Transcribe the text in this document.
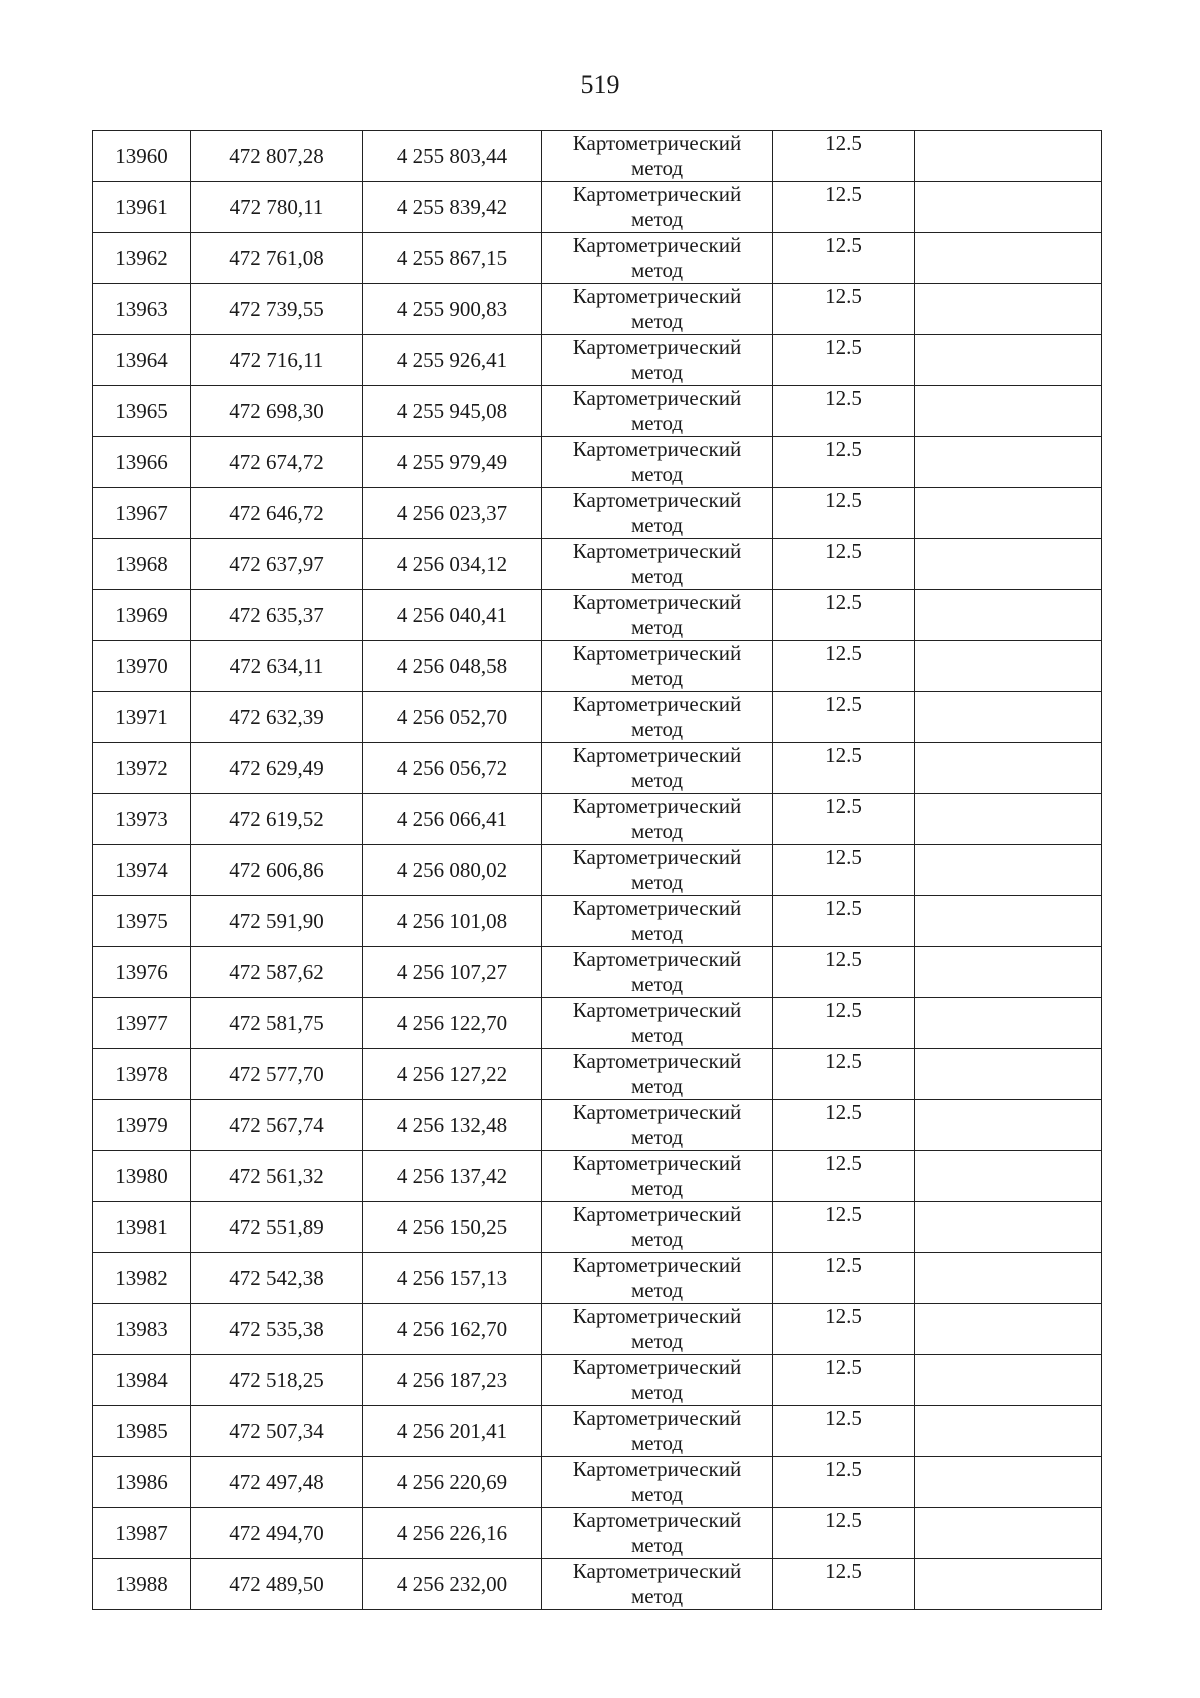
519
13960	472 807,28	4 255 803,44	Картометрический
метод	12.5	
13961	472 780,11	4 255 839,42	Картометрический
метод	12.5	
13962	472 761,08	4 255 867,15	Картометрический
метод	12.5	
13963	472 739,55	4 255 900,83	Картометрический
метод	12.5	
13964	472 716,11	4 255 926,41	Картометрический
метод	12.5	
13965	472 698,30	4 255 945,08	Картометрический
метод	12.5	
13966	472 674,72	4 255 979,49	Картометрический
метод	12.5	
13967	472 646,72	4 256 023,37	Картометрический
метод	12.5	
13968	472 637,97	4 256 034,12	Картометрический
метод	12.5	
13969	472 635,37	4 256 040,41	Картометрический
метод	12.5	
13970	472 634,11	4 256 048,58	Картометрический
метод	12.5	
13971	472 632,39	4 256 052,70	Картометрический
метод	12.5	
13972	472 629,49	4 256 056,72	Картометрический
метод	12.5	
13973	472 619,52	4 256 066,41	Картометрический
метод	12.5	
13974	472 606,86	4 256 080,02	Картометрический
метод	12.5	
13975	472 591,90	4 256 101,08	Картометрический
метод	12.5	
13976	472 587,62	4 256 107,27	Картометрический
метод	12.5	
13977	472 581,75	4 256 122,70	Картометрический
метод	12.5	
13978	472 577,70	4 256 127,22	Картометрический
метод	12.5	
13979	472 567,74	4 256 132,48	Картометрический
метод	12.5	
13980	472 561,32	4 256 137,42	Картометрический
метод	12.5	
13981	472 551,89	4 256 150,25	Картометрический
метод	12.5	
13982	472 542,38	4 256 157,13	Картометрический
метод	12.5	
13983	472 535,38	4 256 162,70	Картометрический
метод	12.5	
13984	472 518,25	4 256 187,23	Картометрический
метод	12.5	
13985	472 507,34	4 256 201,41	Картометрический
метод	12.5	
13986	472 497,48	4 256 220,69	Картометрический
метод	12.5	
13987	472 494,70	4 256 226,16	Картометрический
метод	12.5	
13988	472 489,50	4 256 232,00	Картометрический
метод	12.5	
